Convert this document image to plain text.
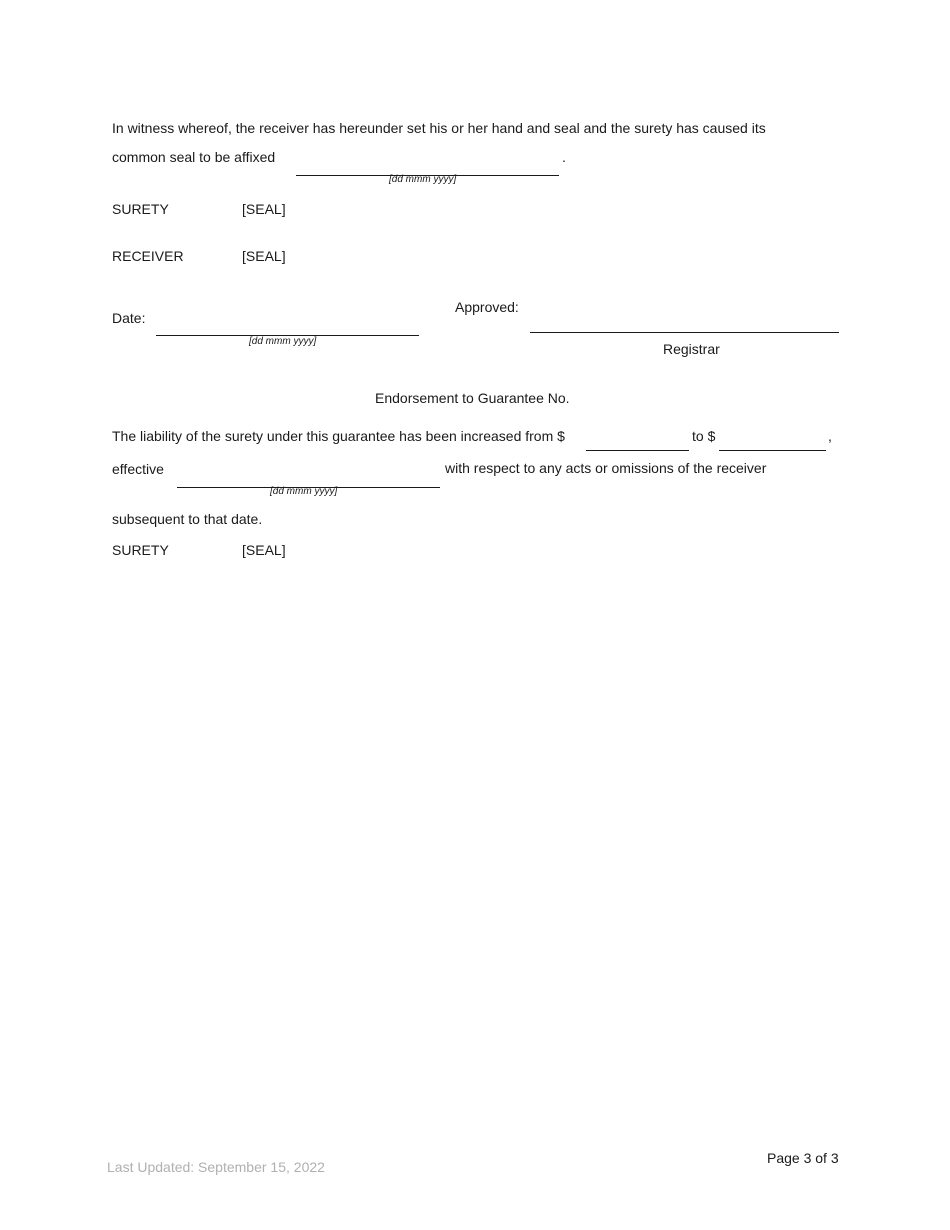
In witness whereof, the receiver has hereunder set his or her hand and seal and the surety has caused its
common seal to be affixed	.
[dd mmm yyyy]
SURETY	[SEAL]
RECEIVER	[SEAL]
Date:
[dd mmm yyyy]
Approved:
Registrar
Endorsement to Guarantee No.
The liability of the surety under this guarantee has been increased from $	to $	,
effective	with respect to any acts or omissions of the receiver
[dd mmm yyyy]
subsequent to that date.
SURETY	[SEAL]
Last Updated: September 15, 2022
Page 3 of 3
